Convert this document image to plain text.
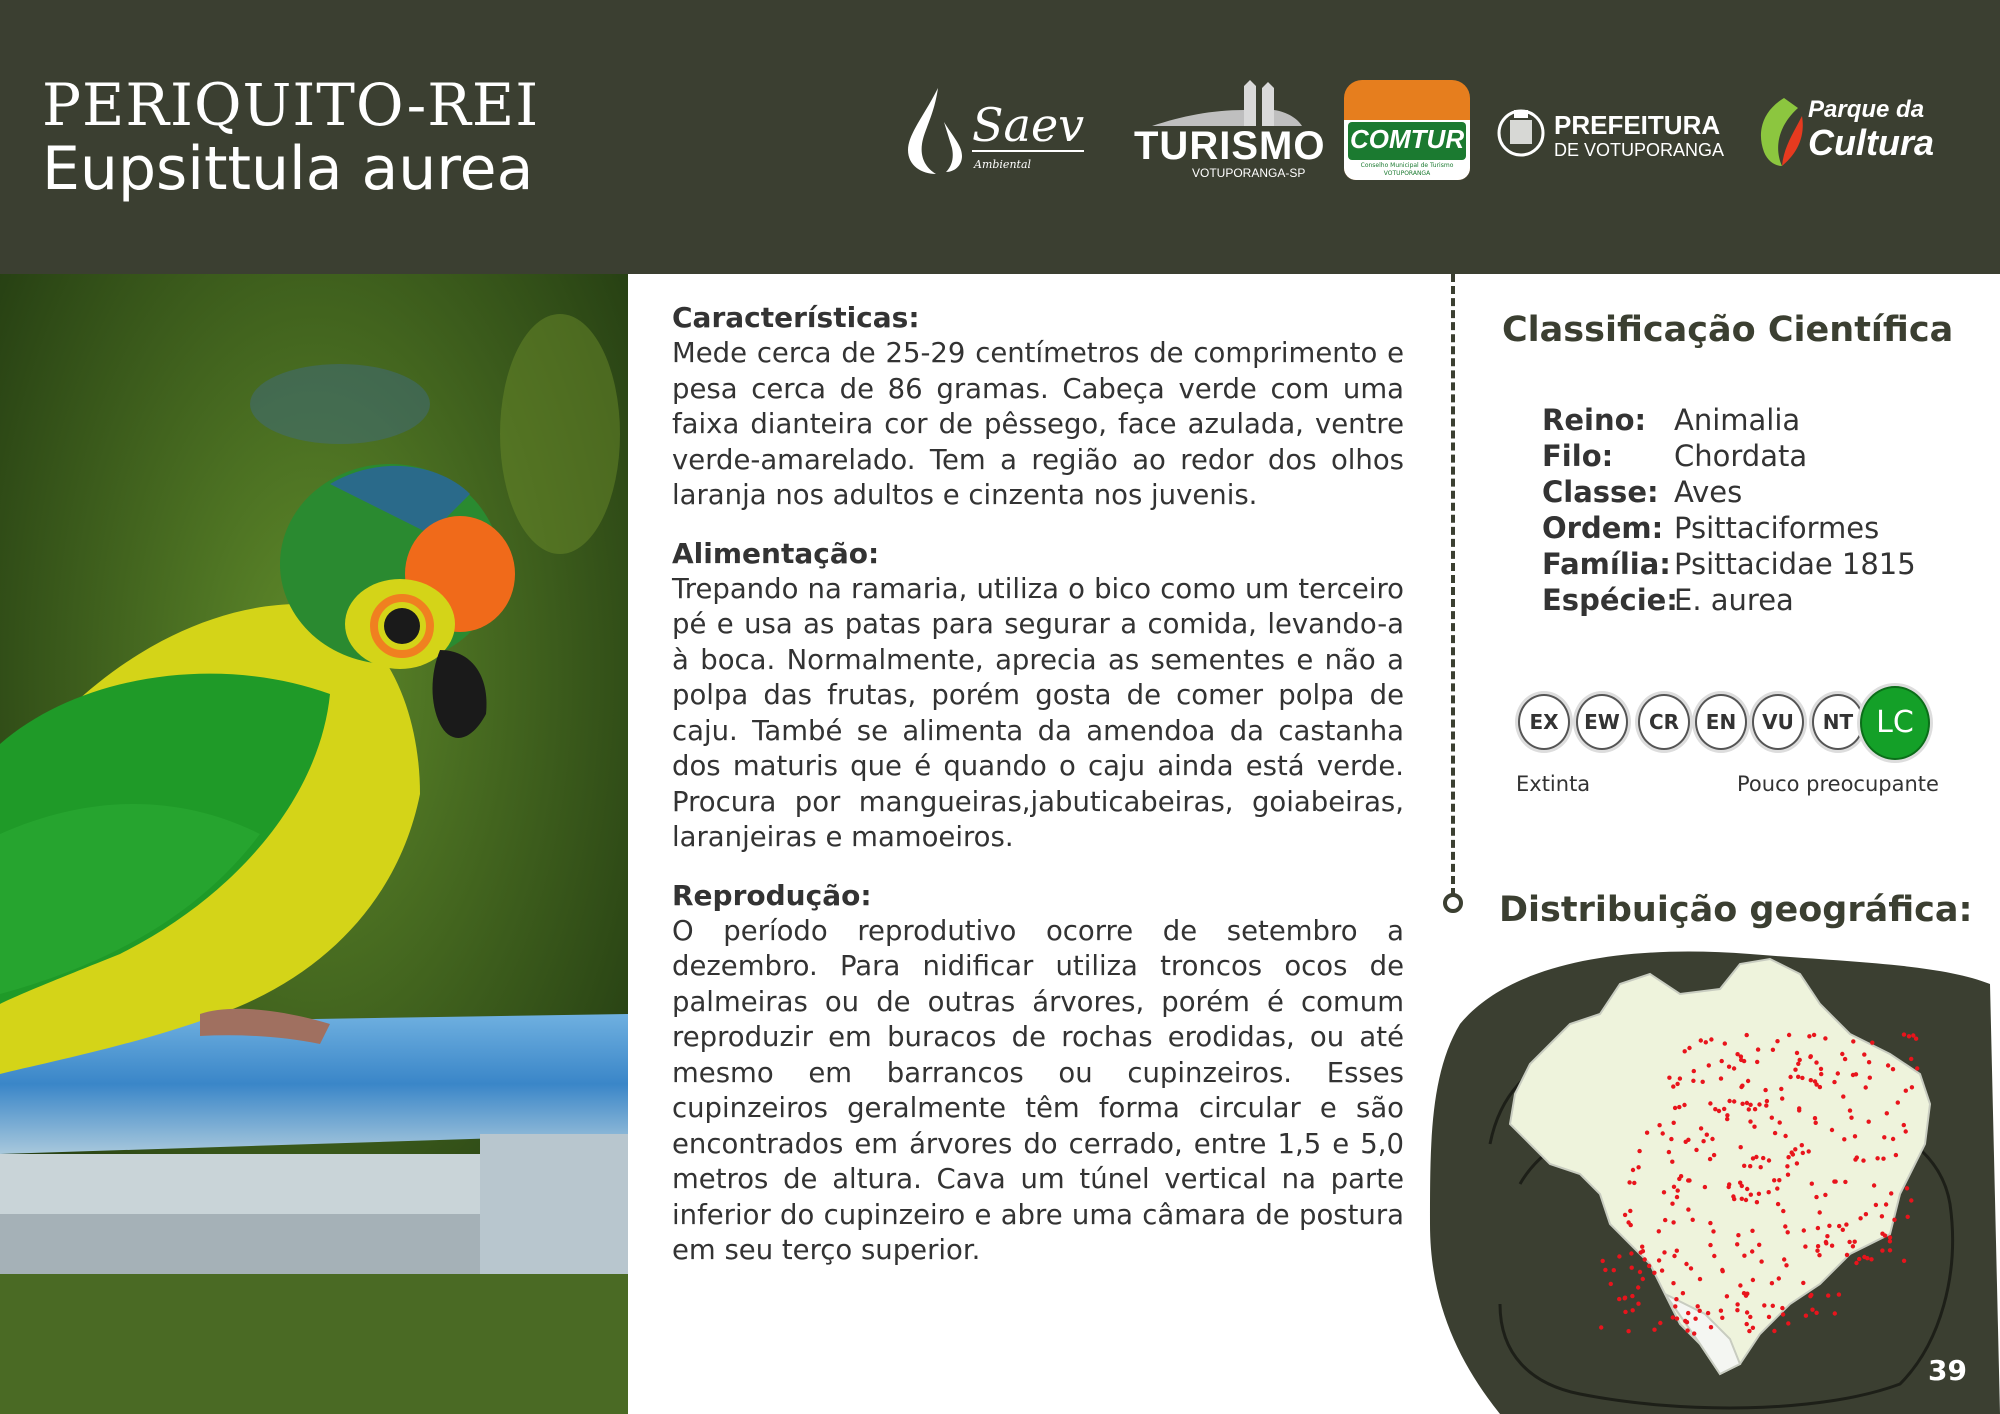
PERIQUITO-REI
Eupsittula aurea
Saev
Ambiental	TURISMO
VOTUPORANGA-SP
COMTUR
Conselho Municipal de Turismo
VOTUPORANGA
PREFEITURA
DE VOTUPORANGA
Parque da
Cultura
Características:

Mede cerca de 25-29 centímetros de comprimento e pesa cerca de 86 gramas. Cabeça verde com uma faixa dianteira cor de pêssego, face azulada, ventre verde-amarelado. Tem a região ao redor dos olhos laranja nos adultos e cinzenta nos juvenis.

Alimentação:

Trepando na ramaria, utiliza o bico como um terceiro pé e usa as patas para segurar a comida, levando-a à boca. Normalmente, aprecia as sementes e não a polpa das frutas, porém gosta de comer polpa de caju. També se alimenta da amendoa da castanha dos maturis que é quando o caju ainda está verde. Procura por mangueiras,jabuticabeiras, goiabeiras, laranjeiras e mamoeiros.

Reprodução:

O período reprodutivo ocorre de setembro a dezembro. Para nidificar utiliza troncos ocos de palmeiras ou de outras árvores, porém é comum reproduzir em buracos de rochas erodidas, ou até mesmo em barrancos ou cupinzeiros. Esses cupinzeiros geralmente têm forma circular e são encontrados em árvores do cerrado, entre 1,5 e 5,0 metros de altura. Cava um túnel vertical na parte inferior do cupinzeiro e abre uma câmara de postura em seu terço superior.

Classificação Científica
Reino: Animalia
Filo:	Chordata
Classe: Aves
Ordem: Psittaciformes
Família: Psittacidae 1815
Espécie:
E. aurea
EX	EW	CR	EN	VU	NT LC
Extinta	Pouco preocupante
Distribuição geográfica:
39
